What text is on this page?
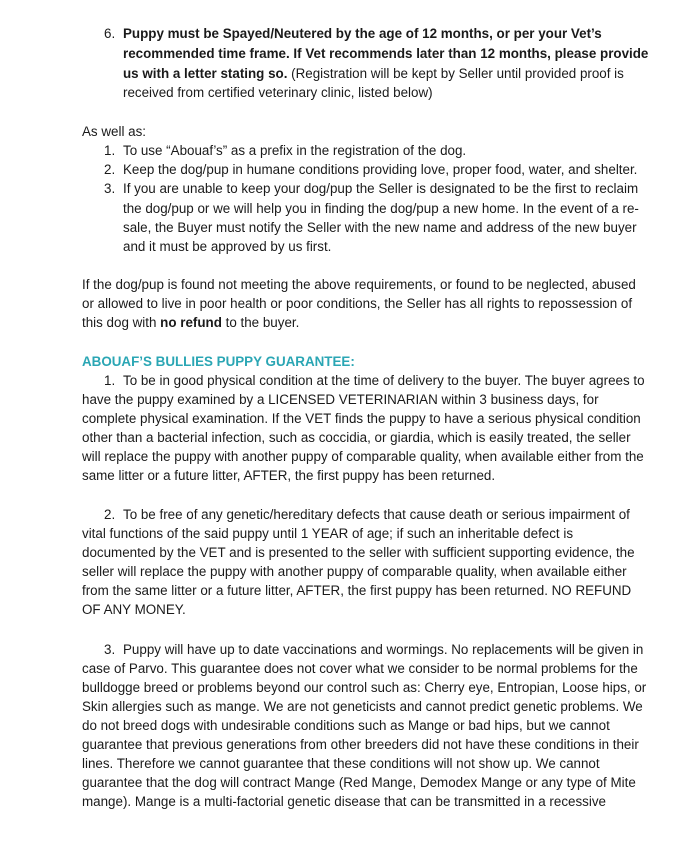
6. Puppy must be Spayed/Neutered by the age of 12 months, or per your Vet’s
recommended time frame. If Vet recommends later than 12 months, please provide
us with a letter stating so. (Registration will be kept by Seller until provided proof is
received from certified veterinary clinic, listed below)
As well as:
1. To use “Abouaf’s” as a prefix in the registration of the dog.
2. Keep the dog/pup in humane conditions providing love, proper food, water, and shelter.
3. If you are unable to keep your dog/pup the Seller is designated to be the first to reclaim
the dog/pup or we will help you in finding the dog/pup a new home. In the event of a re-
sale, the Buyer must notify the Seller with the new name and address of the new buyer
and it must be approved by us first.
If the dog/pup is found not meeting the above requirements, or found to be neglected, abused
or allowed to live in poor health or poor conditions, the Seller has all rights to repossession of
this dog with no refund to the buyer.
ABOUAF’S BULLIES PUPPY GUARANTEE:
1. To be in good physical condition at the time of delivery to the buyer. The buyer agrees to
have the puppy examined by a LICENSED VETERINARIAN within 3 business days, for
complete physical examination. If the VET finds the puppy to have a serious physical condition
other than a bacterial infection, such as coccidia, or giardia, which is easily treated, the seller
will replace the puppy with another puppy of comparable quality, when available either from the
same litter or a future litter, AFTER, the first puppy has been returned.
2. To be free of any genetic/hereditary defects that cause death or serious impairment of
vital functions of the said puppy until 1 YEAR of age; if such an inheritable defect is
documented by the VET and is presented to the seller with sufficient supporting evidence, the
seller will replace the puppy with another puppy of comparable quality, when available either
from the same litter or a future litter, AFTER, the first puppy has been returned. NO REFUND
OF ANY MONEY.
3. Puppy will have up to date vaccinations and wormings. No replacements will be given in
case of Parvo. This guarantee does not cover what we consider to be normal problems for the
bulldogge breed or problems beyond our control such as: Cherry eye, Entropian, Loose hips, or
Skin allergies such as mange. We are not geneticists and cannot predict genetic problems. We
do not breed dogs with undesirable conditions such as Mange or bad hips, but we cannot
guarantee that previous generations from other breeders did not have these conditions in their
lines. Therefore we cannot guarantee that these conditions will not show up. We cannot
guarantee that the dog will contract Mange (Red Mange, Demodex Mange or any type of Mite
mange). Mange is a multi-factorial genetic disease that can be transmitted in a recessive
